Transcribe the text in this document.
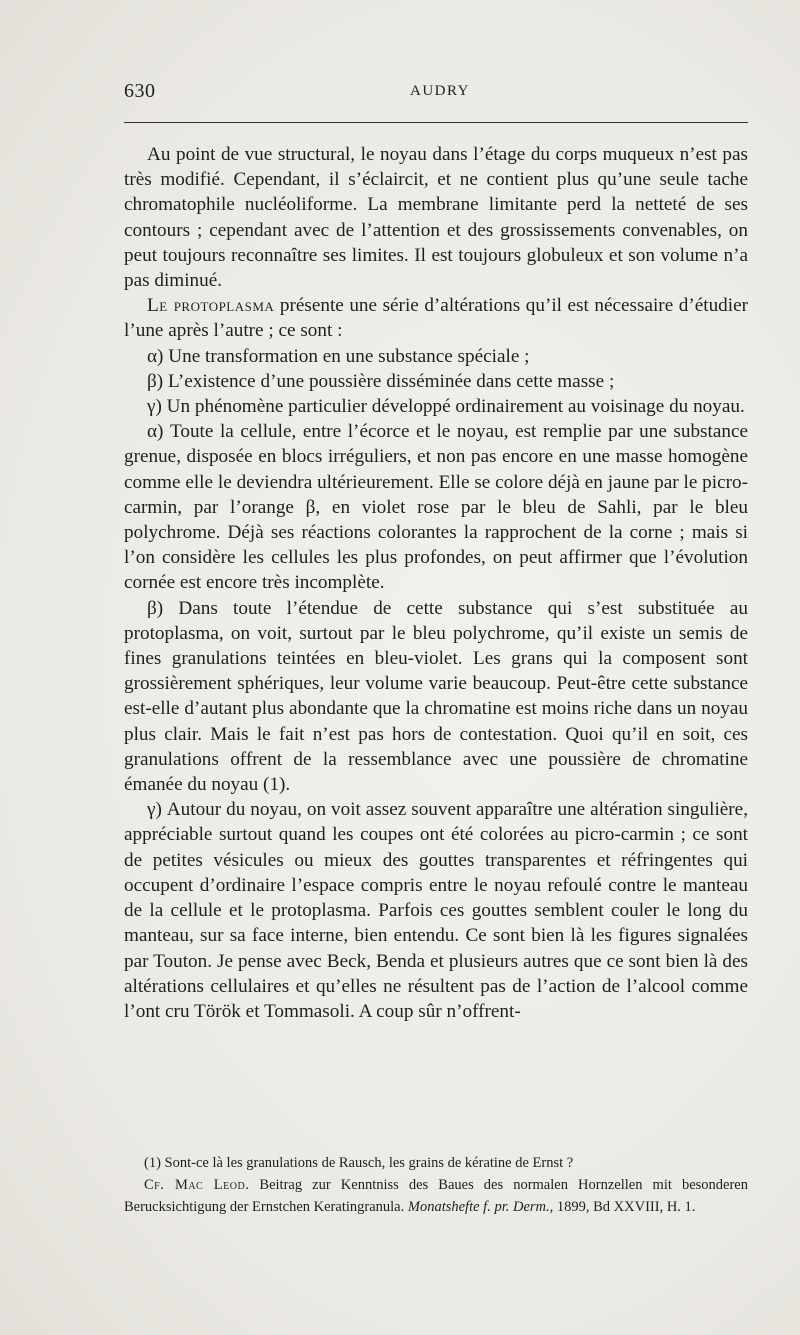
630	AUDRY

Au point de vue structural, le noyau dans l’étage du corps muqueux n’est pas très modifié. Cependant, il s’éclaircit, et ne contient plus qu’une seule tache chromatophile nucléoliforme. La membrane limitante perd la netteté de ses contours ; cependant avec de l’attention et des grossissements convenables, on peut toujours reconnaître ses limites. Il est toujours globuleux et son volume n’a pas diminué.

Le protoplasma présente une série d’altérations qu’il est nécessaire d’étudier l’une après l’autre ; ce sont :

α) Une transformation en une substance spéciale ;

β) L’existence d’une poussière disséminée dans cette masse ;

γ) Un phénomène particulier développé ordinairement au voisinage du noyau.

α) Toute la cellule, entre l’écorce et le noyau, est remplie par une substance grenue, disposée en blocs irréguliers, et non pas encore en une masse homogène comme elle le deviendra ultérieurement. Elle se colore déjà en jaune par le picro-carmin, par l’orange β, en violet rose par le bleu de Sahli, par le bleu polychrome. Déjà ses réactions colorantes la rapprochent de la corne ; mais si l’on considère les cellules les plus profondes, on peut affirmer que l’évolution cornée est encore très incomplète.

β) Dans toute l’étendue de cette substance qui s’est substituée au protoplasma, on voit, surtout par le bleu polychrome, qu’il existe un semis de fines granulations teintées en bleu-violet. Les grans qui la composent sont grossièrement sphériques, leur volume varie beaucoup. Peut-être cette substance est-elle d’autant plus abondante que la chromatine est moins riche dans un noyau plus clair. Mais le fait n’est pas hors de contestation. Quoi qu’il en soit, ces granulations offrent de la ressemblance avec une poussière de chromatine émanée du noyau (1).

γ) Autour du noyau, on voit assez souvent apparaître une altération singulière, appréciable surtout quand les coupes ont été colorées au picro-carmin ; ce sont de petites vésicules ou mieux des gouttes transparentes et réfringentes qui occupent d’ordinaire l’espace compris entre le noyau refoulé contre le manteau de la cellule et le protoplasma. Parfois ces gouttes semblent couler le long du manteau, sur sa face interne, bien entendu. Ce sont bien là les figures signalées par Touton. Je pense avec Beck, Benda et plusieurs autres que ce sont bien là des altérations cellulaires et qu’elles ne résultent pas de l’action de l’alcool comme l’ont cru Török et Tommasoli. A coup sûr n’offrent-

(1) Sont-ce là les granulations de Rausch, les grains de kératine de Ernst ?

Cf. Mac Leod. Beitrag zur Kenntniss des Baues des normalen Hornzellen mit besonderen Berucksichtigung der Ernstchen Keratingranula. Monatshefte f. pr. Derm., 1899, Bd XXVIII, H. 1.
